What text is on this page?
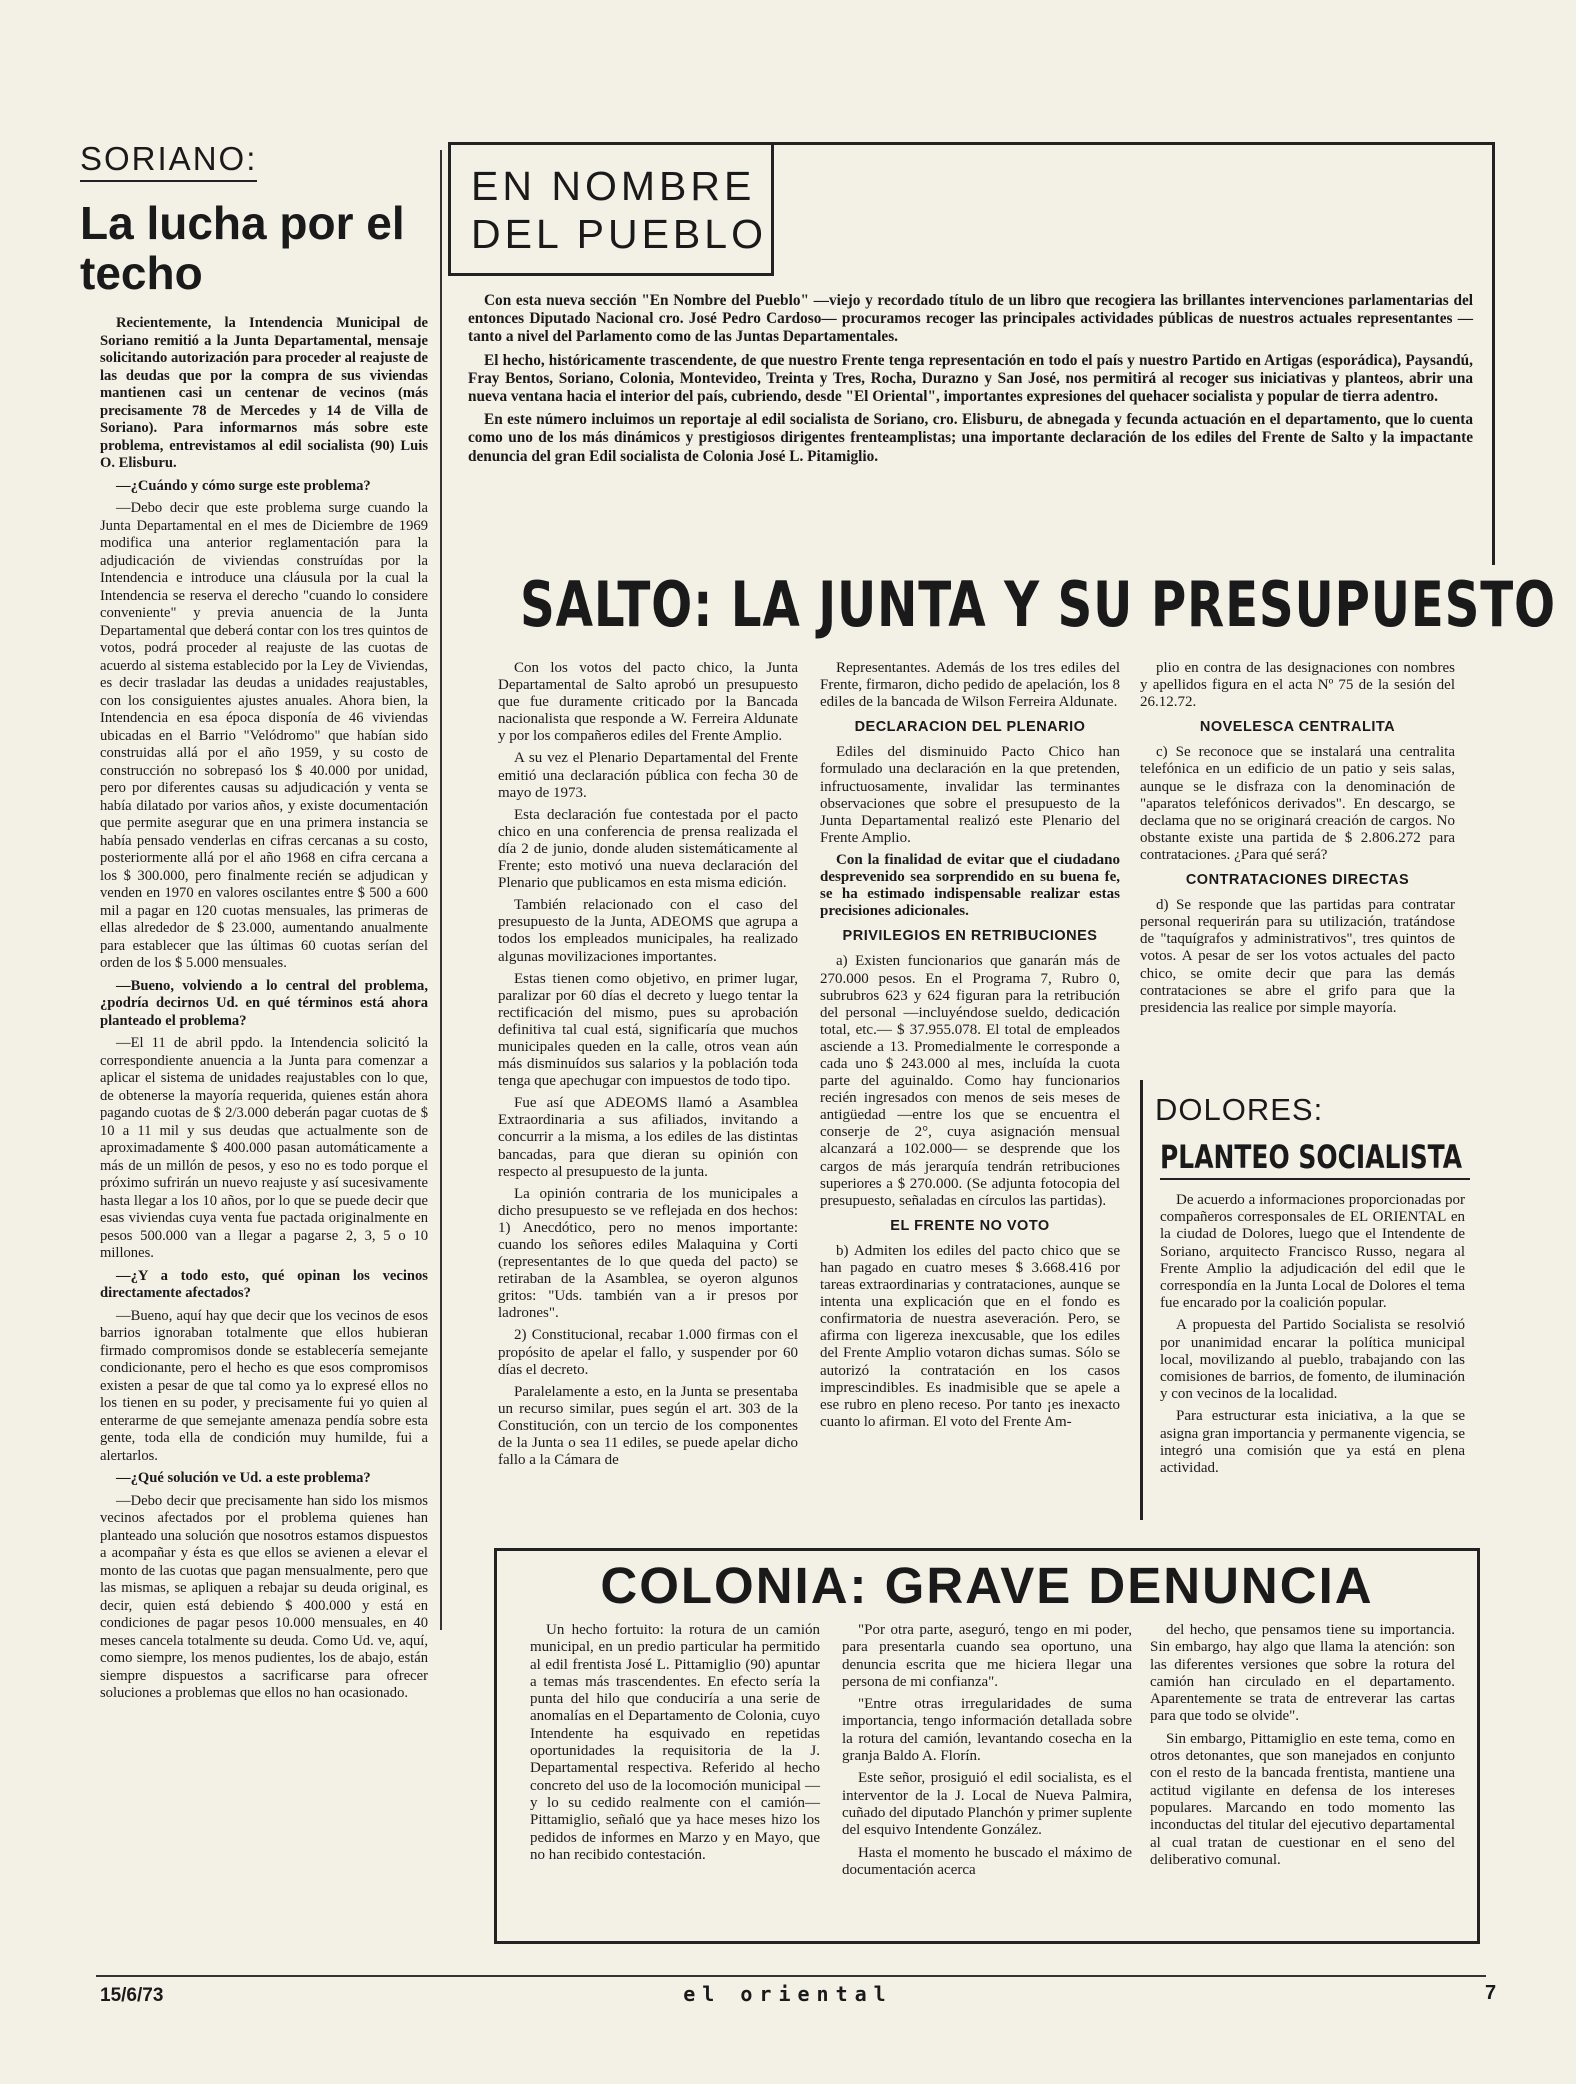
SORIANO:
La lucha por el techo

Recientemente, la Intendencia Municipal de Soriano remitió a la Junta Departamental, mensaje solicitando autorización para proceder al reajuste de las deudas que por la compra de sus viviendas mantienen casi un centenar de vecinos (más precisamente 78 de Mercedes y 14 de Villa de Soriano). Para informarnos más sobre este problema, entrevistamos al edil socialista (90) Luis O. Elisburu.

—¿Cuándo y cómo surge este problema?

—Debo decir que este problema surge cuando la Junta Departamental en el mes de Diciembre de 1969 modifica una anterior reglamentación para la adjudicación de viviendas construídas por la Intendencia e introduce una cláusula por la cual la Intendencia se reserva el derecho "cuando lo considere conveniente" y previa anuencia de la Junta Departamental que deberá contar con los tres quintos de votos, podrá proceder al reajuste de las cuotas de acuerdo al sistema establecido por la Ley de Viviendas, es decir trasladar las deudas a unidades reajustables, con los consiguientes ajustes anuales. Ahora bien, la Intendencia en esa época disponía de 46 viviendas ubicadas en el Barrio "Velódromo" que habían sido construidas allá por el año 1959, y su costo de construcción no sobrepasó los $ 40.000 por unidad, pero por diferentes causas su adjudicación y venta se había dilatado por varios años, y existe documentación que permite asegurar que en una primera instancia se había pensado venderlas en cifras cercanas a su costo, posteriormente allá por el año 1968 en cifra cercana a los $ 300.000, pero finalmente recién se adjudican y venden en 1970 en valores oscilantes entre $ 500 a 600 mil a pagar en 120 cuotas mensuales, las primeras de ellas alrededor de $ 23.000, aumentando anualmente para establecer que las últimas 60 cuotas serían del orden de los $ 5.000 mensuales.

—Bueno, volviendo a lo central del problema, ¿podría decirnos Ud. en qué términos está ahora planteado el problema?

—El 11 de abril ppdo. la Intendencia solicitó la correspondiente anuencia a la Junta para comenzar a aplicar el sistema de unidades reajustables con lo que, de obtenerse la mayoría requerida, quienes están ahora pagando cuotas de $ 2/3.000 deberán pagar cuotas de $ 10 a 11 mil y sus deudas que actualmente son de aproximadamente $ 400.000 pasan automáticamente a más de un millón de pesos, y eso no es todo porque el próximo sufrirán un nuevo reajuste y así sucesivamente hasta llegar a los 10 años, por lo que se puede decir que esas viviendas cuya venta fue pactada originalmente en pesos 500.000 van a llegar a pagarse 2, 3, 5 o 10 millones.

—¿Y a todo esto, qué opinan los vecinos directamente afectados?

—Bueno, aquí hay que decir que los vecinos de esos barrios ignoraban totalmente que ellos hubieran firmado compromisos donde se establecería semejante condicionante, pero el hecho es que esos compromisos existen a pesar de que tal como ya lo expresé ellos no los tienen en su poder, y precisamente fui yo quien al enterarme de que semejante amenaza pendía sobre esta gente, toda ella de condición muy humilde, fui a alertarlos.

—¿Qué solución ve Ud. a este problema?

—Debo decir que precisamente han sido los mismos vecinos afectados por el problema quienes han planteado una solución que nosotros estamos dispuestos a acompañar y ésta es que ellos se avienen a elevar el monto de las cuotas que pagan mensualmente, pero que las mismas, se apliquen a rebajar su deuda original, es decir, quien está debiendo $ 400.000 y está en condiciones de pagar pesos 10.000 mensuales, en 40 meses cancela totalmente su deuda. Como Ud. ve, aquí, como siempre, los menos pudientes, los de abajo, están siempre dispuestos a sacrificarse para ofrecer soluciones a problemas que ellos no han ocasionado.

EN NOMBRE
DEL PUEBLO

Con esta nueva sección "En Nombre del Pueblo" —viejo y recordado título de un libro que recogiera las brillantes intervenciones parlamentarias del entonces Diputado Nacional cro. José Pedro Cardoso— procuramos recoger las principales actividades públicas de nuestros actuales representantes —tanto a nivel del Parlamento como de las Juntas Departamentales.

El hecho, históricamente trascendente, de que nuestro Frente tenga representación en todo el país y nuestro Partido en Artigas (esporádica), Paysandú, Fray Bentos, Soriano, Colonia, Montevideo, Treinta y Tres, Rocha, Durazno y San José, nos permitirá al recoger sus iniciativas y planteos, abrir una nueva ventana hacia el interior del país, cubriendo, desde "El Oriental", importantes expresiones del quehacer socialista y popular de tierra adentro.

En este número incluimos un reportaje al edil socialista de Soriano, cro. Elisburu, de abnegada y fecunda actuación en el departamento, que lo cuenta como uno de los más dinámicos y prestigiosos dirigentes frenteamplistas; una importante declaración de los ediles del Frente de Salto y la impactante denuncia del gran Edil socialista de Colonia José L. Pitamiglio.

SALTO: LA JUNTA Y SU PRESUPUESTO

Con los votos del pacto chico, la Junta Departamental de Salto aprobó un presupuesto que fue duramente criticado por la Bancada nacionalista que responde a W. Ferreira Aldunate y por los compañeros ediles del Frente Amplio.

A su vez el Plenario Departamental del Frente emitió una declaración pública con fecha 30 de mayo de 1973.

Esta declaración fue contestada por el pacto chico en una conferencia de prensa realizada el día 2 de junio, donde aluden sistemáticamente al Frente; esto motivó una nueva declaración del Plenario que publicamos en esta misma edición.

También relacionado con el caso del presupuesto de la Junta, ADEOMS que agrupa a todos los empleados municipales, ha realizado algunas movilizaciones importantes.

Estas tienen como objetivo, en primer lugar, paralizar por 60 días el decreto y luego tentar la rectificación del mismo, pues su aprobación definitiva tal cual está, significaría que muchos municipales queden en la calle, otros vean aún más disminuídos sus salarios y la población toda tenga que apechugar con impuestos de todo tipo.

Fue así que ADEOMS llamó a Asamblea Extraordinaria a sus afiliados, invitando a concurrir a la misma, a los ediles de las distintas bancadas, para que dieran su opinión con respecto al presupuesto de la junta.

La opinión contraria de los municipales a dicho presupuesto se ve reflejada en dos hechos: 1) Anecdótico, pero no menos importante: cuando los señores ediles Malaquina y Corti (representantes de lo que queda del pacto) se retiraban de la Asamblea, se oyeron algunos gritos: "Uds. también van a ir presos por ladrones".

2) Constitucional, recabar 1.000 firmas con el propósito de apelar el fallo, y suspender por 60 días el decreto.

Paralelamente a esto, en la Junta se presentaba un recurso similar, pues según el art. 303 de la Constitución, con un tercio de los componentes de la Junta o sea 11 ediles, se puede apelar dicho fallo a la Cámara de

Representantes. Además de los tres ediles del Frente, firmaron, dicho pedido de apelación, los 8 ediles de la bancada de Wilson Ferreira Aldunate.

DECLARACION DEL PLENARIO

Ediles del disminuido Pacto Chico han formulado una declaración en la que pretenden, infructuosamente, invalidar las terminantes observaciones que sobre el presupuesto de la Junta Departamental realizó este Plenario del Frente Amplio.

Con la finalidad de evitar que el ciudadano desprevenido sea sorprendido en su buena fe, se ha estimado indispensable realizar estas precisiones adicionales.

PRIVILEGIOS EN RETRIBUCIONES

a) Existen funcionarios que ganarán más de 270.000 pesos. En el Programa 7, Rubro 0, subrubros 623 y 624 figuran para la retribución del personal —incluyéndose sueldo, dedicación total, etc.— $ 37.955.078. El total de empleados asciende a 13. Promedialmente le corresponde a cada uno $ 243.000 al mes, incluída la cuota parte del aguinaldo. Como hay funcionarios recién ingresados con menos de seis meses de antigüedad —entre los que se encuentra el conserje de 2°, cuya asignación mensual alcanzará a 102.000— se desprende que los cargos de más jerarquía tendrán retribuciones superiores a $ 270.000. (Se adjunta fotocopia del presupuesto, señaladas en círculos las partidas).

EL FRENTE NO VOTO

b) Admiten los ediles del pacto chico que se han pagado en cuatro meses $ 3.668.416 por tareas extraordinarias y contrataciones, aunque se intenta una explicación que en el fondo es confirmatoria de nuestra aseveración. Pero, se afirma con ligereza inexcusable, que los ediles del Frente Amplio votaron dichas sumas. Sólo se autorizó la contratación en los casos imprescindibles. Es inadmisible que se apele a ese rubro en pleno receso. Por tanto ¡es inexacto cuanto lo afirman. El voto del Frente Am-

plio en contra de las designaciones con nombres y apellidos figura en el acta Nº 75 de la sesión del 26.12.72.

NOVELESCA CENTRALITA

c) Se reconoce que se instalará una centralita telefónica en un edificio de un patio y seis salas, aunque se le disfraza con la denominación de "aparatos telefónicos derivados". En descargo, se declama que no se originará creación de cargos. No obstante existe una partida de $ 2.806.272 para contrataciones. ¿Para qué será?

CONTRATACIONES DIRECTAS

d) Se responde que las partidas para contratar personal requerirán para su utilización, tratándose de "taquígrafos y administrativos", tres quintos de votos. A pesar de ser los votos actuales del pacto chico, se omite decir que para las demás contrataciones se abre el grifo para que la presidencia las realice por simple mayoría.

DOLORES:
PLANTEO SOCIALISTA

De acuerdo a informaciones proporcionadas por compañeros corresponsales de EL ORIENTAL en la ciudad de Dolores, luego que el Intendente de Soriano, arquitecto Francisco Russo, negara al Frente Amplio la adjudicación del edil que le correspondía en la Junta Local de Dolores el tema fue encarado por la coalición popular.

A propuesta del Partido Socialista se resolvió por unanimidad encarar la política municipal local, movilizando al pueblo, trabajando con las comisiones de barrios, de fomento, de iluminación y con vecinos de la localidad.

Para estructurar esta iniciativa, a la que se asigna gran importancia y permanente vigencia, se integró una comisión que ya está en plena actividad.

COLONIA: GRAVE DENUNCIA

Un hecho fortuito: la rotura de un camión municipal, en un predio particular ha permitido al edil frentista José L. Pittamiglio (90) apuntar a temas más trascendentes. En efecto sería la punta del hilo que conduciría a una serie de anomalías en el Departamento de Colonia, cuyo Intendente ha esquivado en repetidas oportunidades la requisitoria de la J. Departamental respectiva. Referido al hecho concreto del uso de la locomoción municipal —y lo su cedido realmente con el camión— Pittamiglio, señaló que ya hace meses hizo los pedidos de informes en Marzo y en Mayo, que no han recibido contestación.

"Por otra parte, aseguró, tengo en mi poder, para presentarla cuando sea oportuno, una denuncia escrita que me hiciera llegar una persona de mi confianza".

"Entre otras irregularidades de suma importancia, tengo información detallada sobre la rotura del camión, levantando cosecha en la granja Baldo A. Florín.

Este señor, prosiguió el edil socialista, es el interventor de la J. Local de Nueva Palmira, cuñado del diputado Planchón y primer suplente del esquivo Intendente González.

Hasta el momento he buscado el máximo de documentación acerca

del hecho, que pensamos tiene su importancia. Sin embargo, hay algo que llama la atención: son las diferentes versiones que sobre la rotura del camión han circulado en el departamento. Aparentemente se trata de entreverar las cartas para que todo se olvide".

Sin embargo, Pittamiglio en este tema, como en otros detonantes, que son manejados en conjunto con el resto de la bancada frentista, mantiene una actitud vigilante en defensa de los intereses populares. Marcando en todo momento las inconductas del titular del ejecutivo departamental al cual tratan de cuestionar en el seno del deliberativo comunal.

15/6/73	el oriental	7
